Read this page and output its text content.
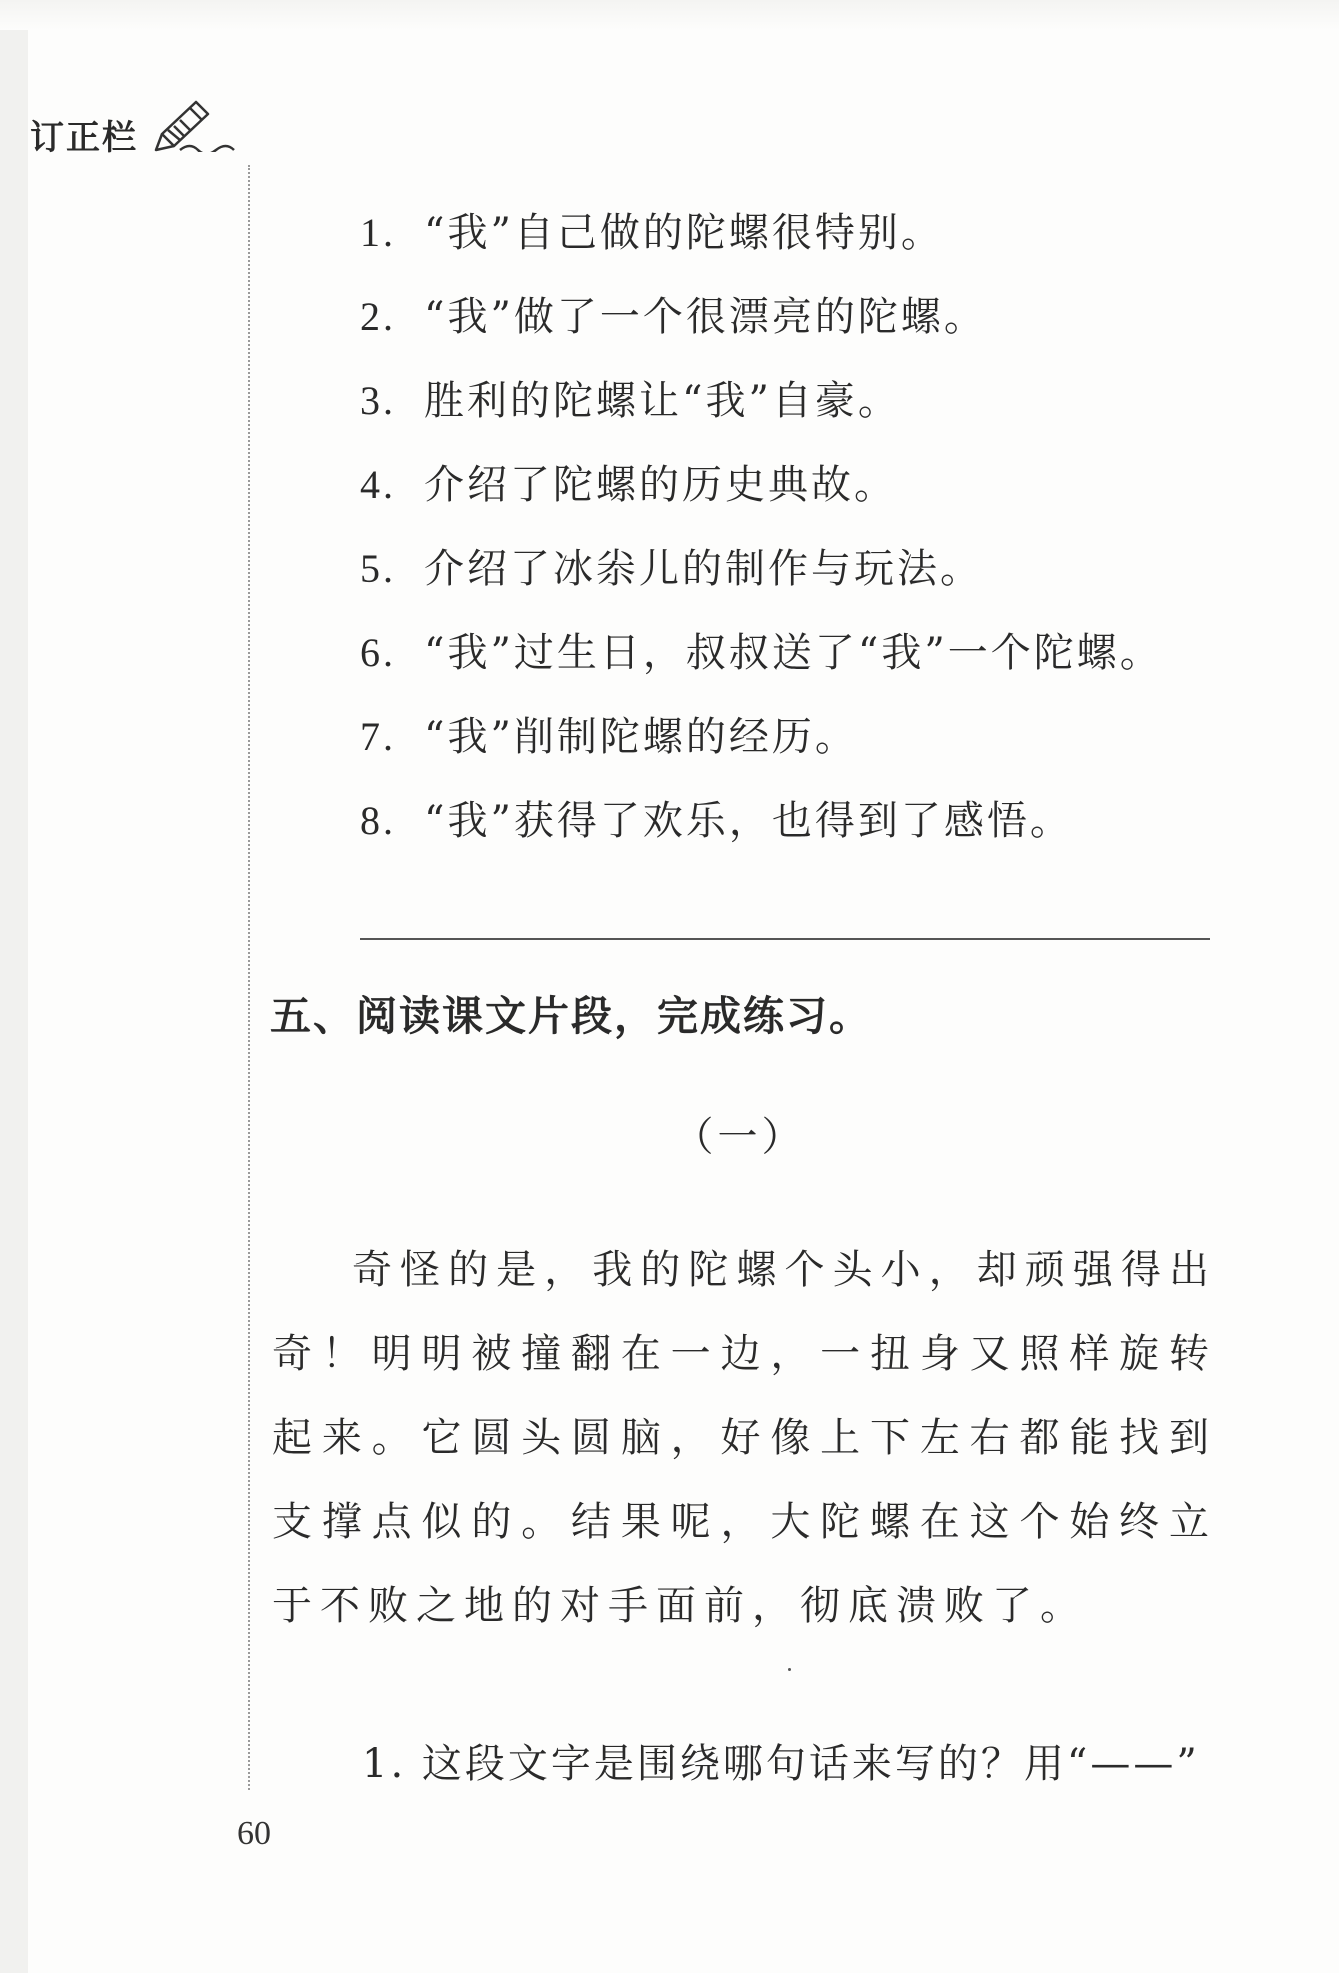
订正栏
1. “我”自己做的陀螺很特别。
2. “我”做了一个很漂亮的陀螺。
3. 胜利的陀螺让“我”自豪。
4. 介绍了陀螺的历史典故。
5. 介绍了冰尜儿的制作与玩法。
6. “我”过生日，叔叔送了“我”一个陀螺。
7. “我”削制陀螺的经历。
8. “我”获得了欢乐，也得到了感悟。
五、阅读课文片段，完成练习。
（一）

奇怪的是，我的陀螺个头小，却顽强得出奇！明明被撞翻在一边，一扭身又照样旋转起来。它圆头圆脑，好像上下左右都能找到支撑点似的。结果呢，大陀螺在这个始终立于不败之地的对手面前，彻底溃败了。

1. 这段文字是围绕哪句话来写的？用“——”
60
